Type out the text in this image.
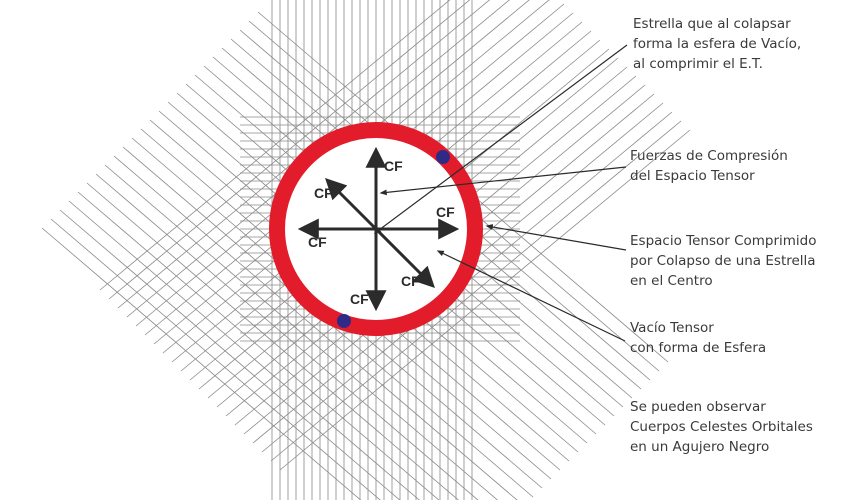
CF
CF
CF
CF
CF
CF
Estrella que al colapsar forma la esfera de Vacío, al comprimir el E.T.
Fuerzas de Compresión del Espacio Tensor
Espacio Tensor Comprimido por Colapso de una Estrella en el Centro
Vacío Tensor con forma de Esfera
Se pueden observar Cuerpos Celestes Orbitales en un Agujero Negro
